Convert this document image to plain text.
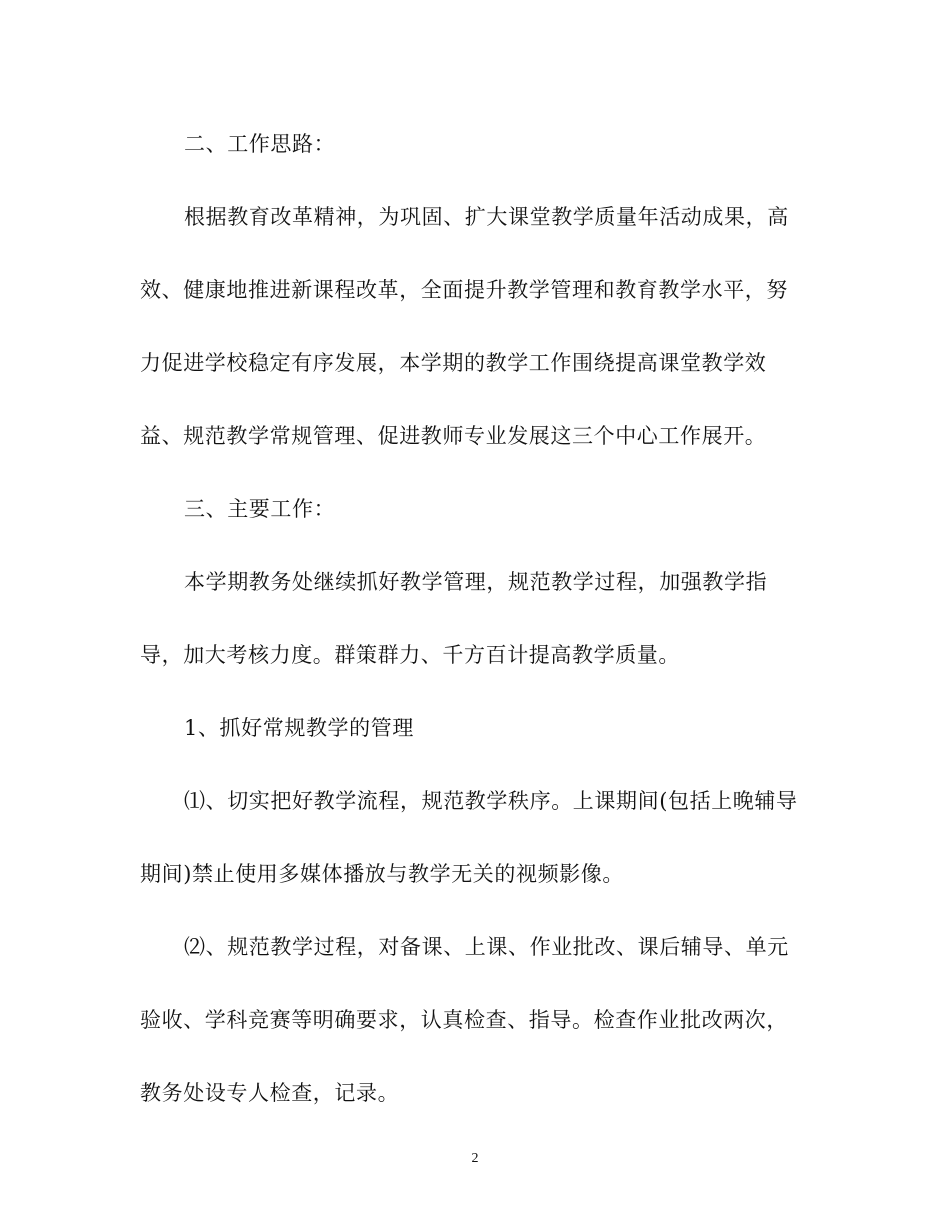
二、工作思路：
根据教育改革精神，为巩固、扩大课堂教学质量年活动成果，高
效、健康地推进新课程改革，全面提升教学管理和教育教学水平，努
力促进学校稳定有序发展，本学期的教学工作围绕提高课堂教学效
益、规范教学常规管理、促进教师专业发展这三个中心工作展开。
三、主要工作：
本学期教务处继续抓好教学管理，规范教学过程，加强教学指
导，加大考核力度。群策群力、千方百计提高教学质量。
1、抓好常规教学的管理
⑴、切实把好教学流程，规范教学秩序。上课期间(包括上晚辅导
期间)禁止使用多媒体播放与教学无关的视频影像。
⑵、规范教学过程，对备课、上课、作业批改、课后辅导、单元
验收、学科竞赛等明确要求，认真检查、指导。检查作业批改两次，
教务处设专人检查，记录。
2
